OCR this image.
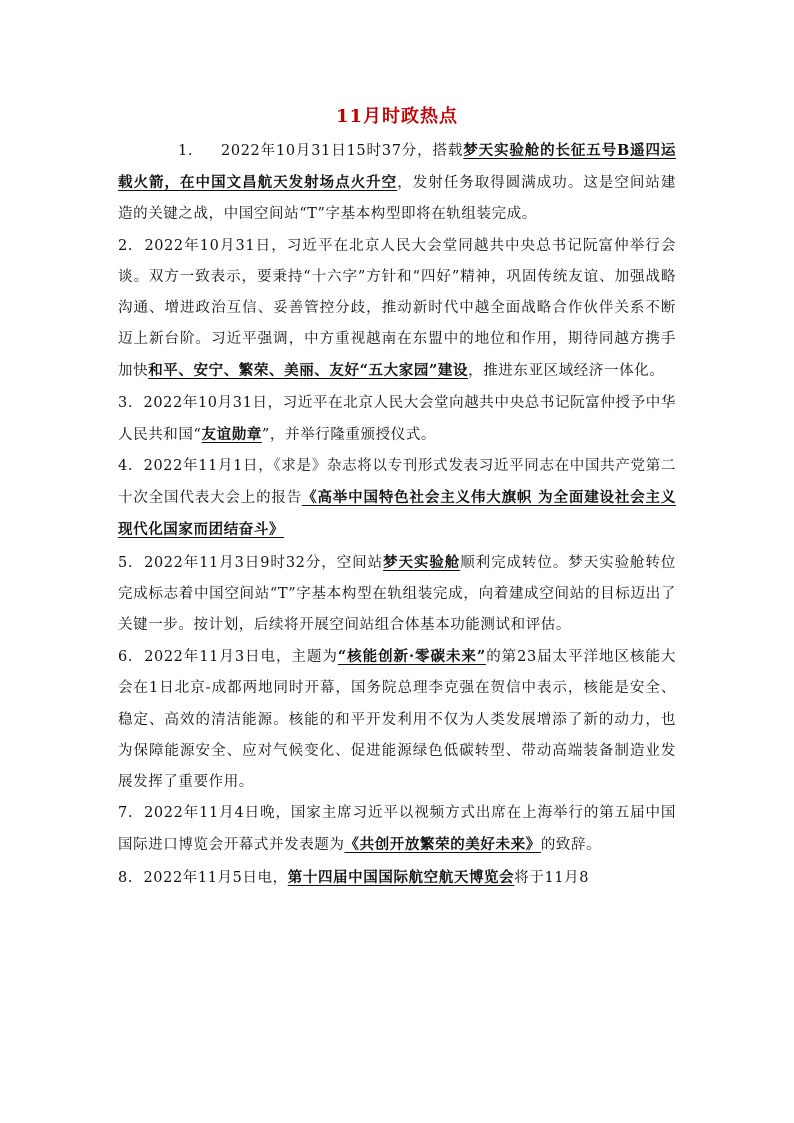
11月时政热点

1. 2022年10月31日15时37分，搭载梦天实验舱的长征五号B遥四运载火箭，在中国文昌航天发射场点火升空，发射任务取得圆满成功。这是空间站建造的关键之战，中国空间站“T”字基本构型即将在轨组装完成。

2. 2022年10月31日，习近平在北京人民大会堂同越共中央总书记阮富仲举行会谈。双方一致表示，要秉持“十六字”方针和“四好”精神，巩固传统友谊、加强战略沟通、增进政治互信、妥善管控分歧，推动新时代中越全面战略合作伙伴关系不断迈上新台阶。习近平强调，中方重视越南在东盟中的地位和作用，期待同越方携手加快和平、安宁、繁荣、美丽、友好“五大家园”建设，推进东亚区域经济一体化。

3. 2022年10月31日，习近平在北京人民大会堂向越共中央总书记阮富仲授予中华人民共和国“友谊勋章”，并举行隆重颁授仪式。

4. 2022年11月1日，《求是》杂志将以专刊形式发表习近平同志在中国共产党第二十次全国代表大会上的报告《高举中国特色社会主义伟大旗帜 为全面建设社会主义现代化国家而团结奋斗》

5. 2022年11月3日9时32分，空间站梦天实验舱顺利完成转位。梦天实验舱转位完成标志着中国空间站“T”字基本构型在轨组装完成，向着建成空间站的目标迈出了关键一步。按计划，后续将开展空间站组合体基本功能测试和评估。

6. 2022年11月3日电，主题为“核能创新·零碳未来”的第23届太平洋地区核能大会在1日北京-成都两地同时开幕，国务院总理李克强在贺信中表示，核能是安全、稳定、高效的清洁能源。核能的和平开发利用不仅为人类发展增添了新的动力，也为保障能源安全、应对气候变化、促进能源绿色低碳转型、带动高端装备制造业发展发挥了重要作用。

7. 2022年11月4日晚，国家主席习近平以视频方式出席在上海举行的第五届中国国际进口博览会开幕式并发表题为《共创开放繁荣的美好未来》的致辞。

8. 2022年11月5日电，第十四届中国国际航空航天博览会将于11月8
